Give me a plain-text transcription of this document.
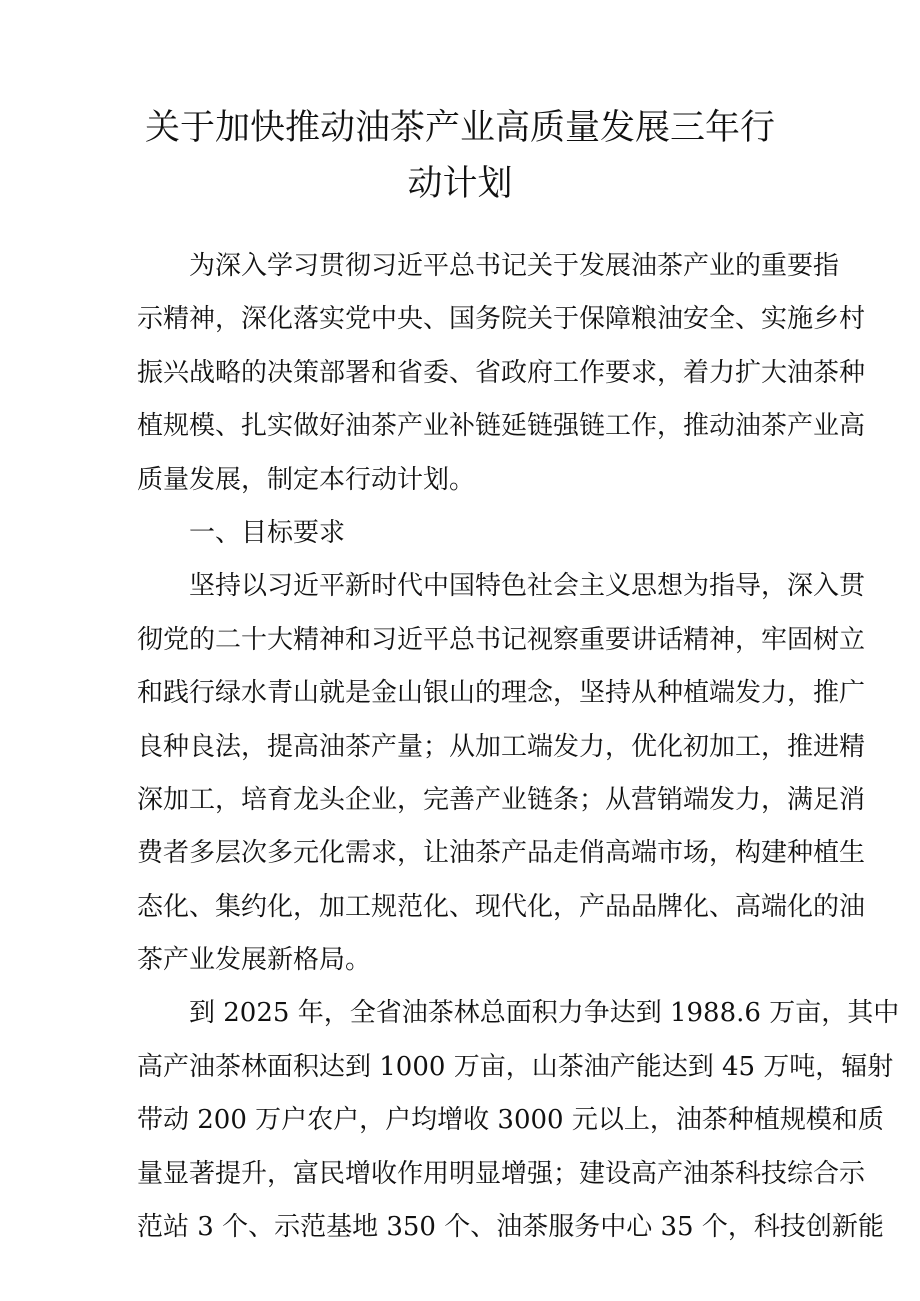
关于加快推动油茶产业高质量发展三年行
动计划
为深入学习贯彻习近平总书记关于发展油茶产业的重要指
示精神，深化落实党中央、国务院关于保障粮油安全、实施乡村
振兴战略的决策部署和省委、省政府工作要求，着力扩大油茶种
植规模、扎实做好油茶产业补链延链强链工作，推动油茶产业高
质量发展，制定本行动计划。
一、目标要求
坚持以习近平新时代中国特色社会主义思想为指导，深入贯
彻党的二十大精神和习近平总书记视察重要讲话精神，牢固树立
和践行绿水青山就是金山银山的理念，坚持从种植端发力，推广
良种良法，提高油茶产量；从加工端发力，优化初加工，推进精
深加工，培育龙头企业，完善产业链条；从营销端发力，满足消
费者多层次多元化需求，让油茶产品走俏高端市场，构建种植生
态化、集约化，加工规范化、现代化，产品品牌化、高端化的油
茶产业发展新格局。
到 2025 年，全省油茶林总面积力争达到 1988.6 万亩，其中
高产油茶林面积达到 1000 万亩，山茶油产能达到 45 万吨，辐射
带动 200 万户农户，户均增收 3000 元以上，油茶种植规模和质
量显著提升，富民增收作用明显增强；建设高产油茶科技综合示
范站 3 个、示范基地 350 个、油茶服务中心 35 个，科技创新能
